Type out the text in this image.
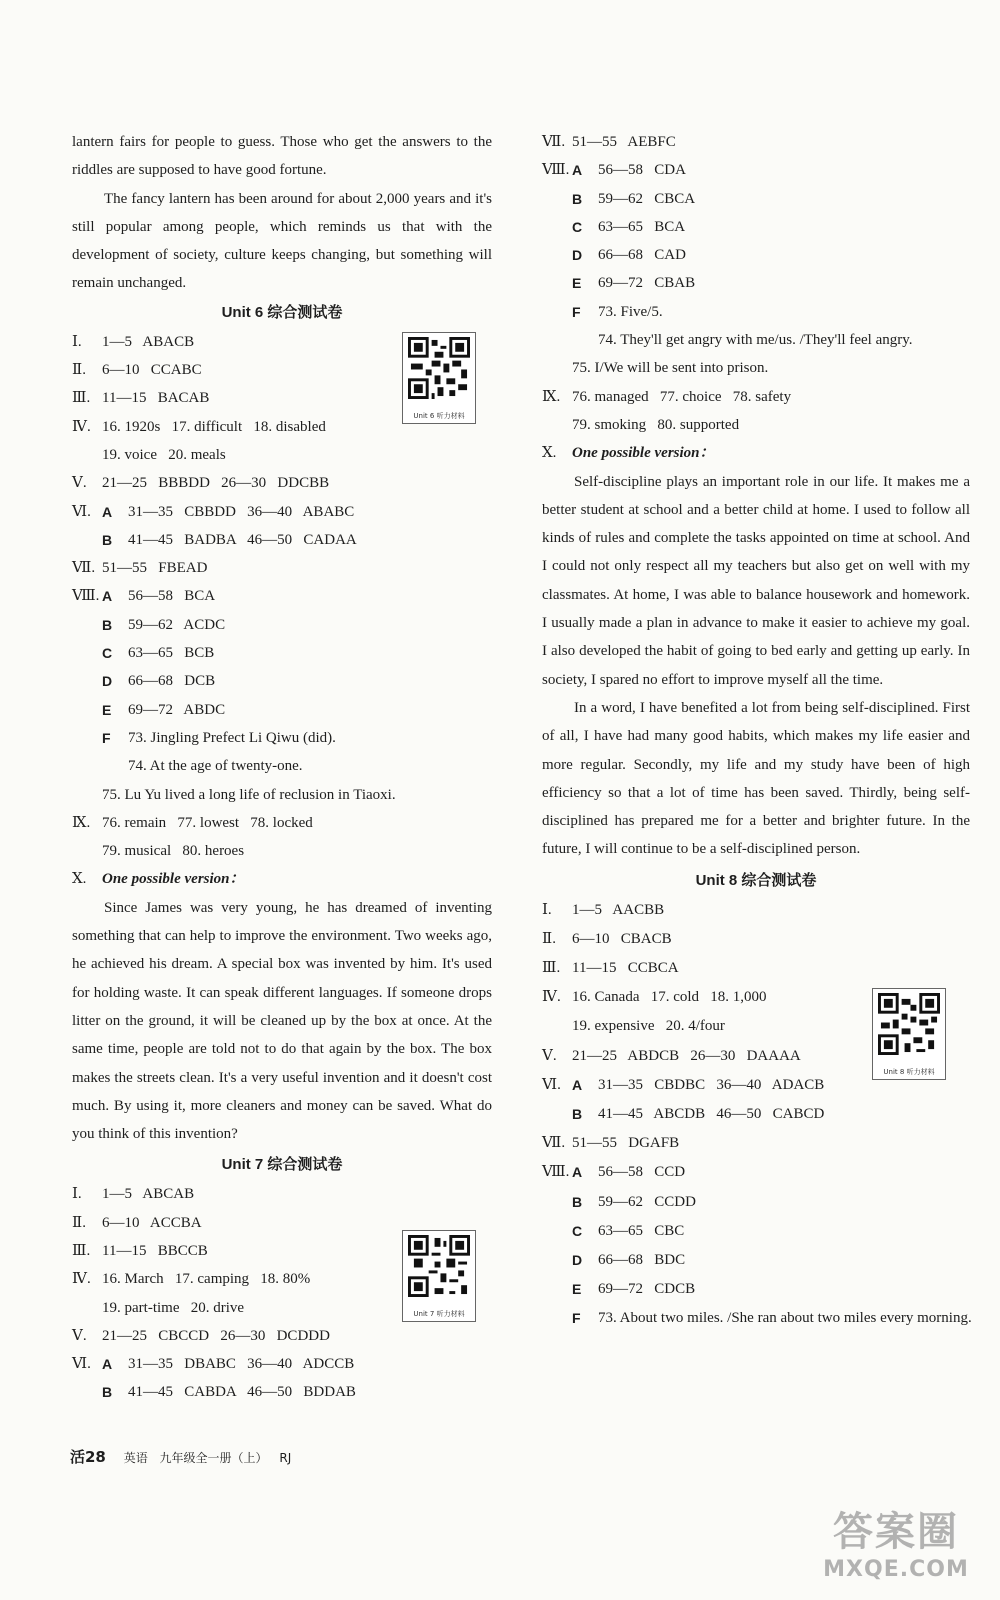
lantern fairs for people to guess. Those who get the answers to the riddles are supposed to have good fortune.

The fancy lantern has been around for about 2,000 years and it's still popular among people, which reminds us that with the development of society, culture keeps changing, but something will remain unchanged.

Unit 6 综合测试卷
Ⅰ.	1—5   ABACB
Ⅱ.	6—10   CCABC
Ⅲ. 11—15   BACAB
Ⅳ. 16. 1920s   17. difficult   18. disabled
19. voice   20. meals
Ⅴ.	21—25   BBBDD   26—30   DDCBB
Ⅵ. A	31—35   CBBDD   36—40   ABABC
B	41—45   BADBA   46—50   CADAA
Ⅶ. 51—55   FBEAD
Ⅷ. A	56—58   BCA
B	59—62   ACDC
C	63—65   BCB
D	66—68   DCB
E	69—72   ABDC
F	73. Jingling Prefect Li Qiwu (did).
74. At the age of twenty-one.
75. Lu Yu lived a long life of reclusion in Tiaoxi.
Ⅸ. 76. remain   77. lowest   78. locked
79. musical   80. heroes
Ⅹ.	One possible version：

Since James was very young, he has dreamed of inventing something that can help to improve the environment. Two weeks ago, he achieved his dream. A special box was invented by him. It's used for holding waste. It can speak different languages. If someone drops litter on the ground, it will be cleaned up by the box at once. At the same time, people are told not to do that again by the box. The box makes the streets clean. It's a very useful invention and it doesn't cost much. By using it, more cleaners and money can be saved. What do you think of this invention?

Unit 7 综合测试卷
Ⅰ.	1—5   ABCAB
Ⅱ.	6—10   ACCBA
Ⅲ. 11—15   BBCCB
Ⅳ. 16. March   17. camping   18. 80%
19. part-time   20. drive
Ⅴ.	21—25   CBCCD   26—30   DCDDD
Ⅵ. A	31—35   DBABC   36—40   ADCCB
B	41—45   CABDA   46—50   BDDAB
Ⅶ. 51—55   AEBFC
Ⅷ. A	56—58   CDA
B	59—62   CBCA
C	63—65   BCA
D	66—68   CAD
E	69—72   CBAB
F	73. Five/5.
74. They'll get angry with me/us. /They'll feel angry.
75. I/We will be sent into prison.
Ⅸ. 76. managed   77. choice   78. safety
79. smoking   80. supported
Ⅹ.	One possible version：

Self-discipline plays an important role in our life. It makes me a better student at school and a better child at home. I used to follow all kinds of rules and complete the tasks appointed on time at school. And I could not only respect all my teachers but also get on well with my classmates. At home, I was able to balance housework and homework. I usually made a plan in advance to make it easier to achieve my goal. I also developed the habit of going to bed early and getting up early. In society, I spared no effort to improve myself all the time.

In a word, I have benefited a lot from being self-disciplined. First of all, I have had many good habits, which makes my life easier and more regular. Secondly, my life and my study have been of high efficiency so that a lot of time has been saved. Thirdly, being self-disciplined has prepared me for a better and brighter future. In the future, I will continue to be a self-disciplined person.

Unit 8 综合测试卷
Ⅰ.	1—5   AACBB
Ⅱ.	6—10   CBACB
Ⅲ. 11—15   CCBCA
Ⅳ. 16. Canada   17. cold   18. 1,000
19. expensive   20. 4/four
Ⅴ.	21—25   ABDCB   26—30   DAAAA
Ⅵ. A	31—35   CBDBC   36—40   ADACB
B	41—45   ABCDB   46—50   CABCD
Ⅶ. 51—55   DGAFB
Ⅷ. A	56—58   CCD
B	59—62   CCDD
C	63—65   CBC
D	66—68   BDC
E	69—72   CDCB
F	73. About two miles. /She ran about two miles every morning.
Unit 6 听力材料
Unit 7 听力材料
Unit 8 听力材料
活28 英语 九年级全一册（上） RJ
答案圈
MXQE.COM
